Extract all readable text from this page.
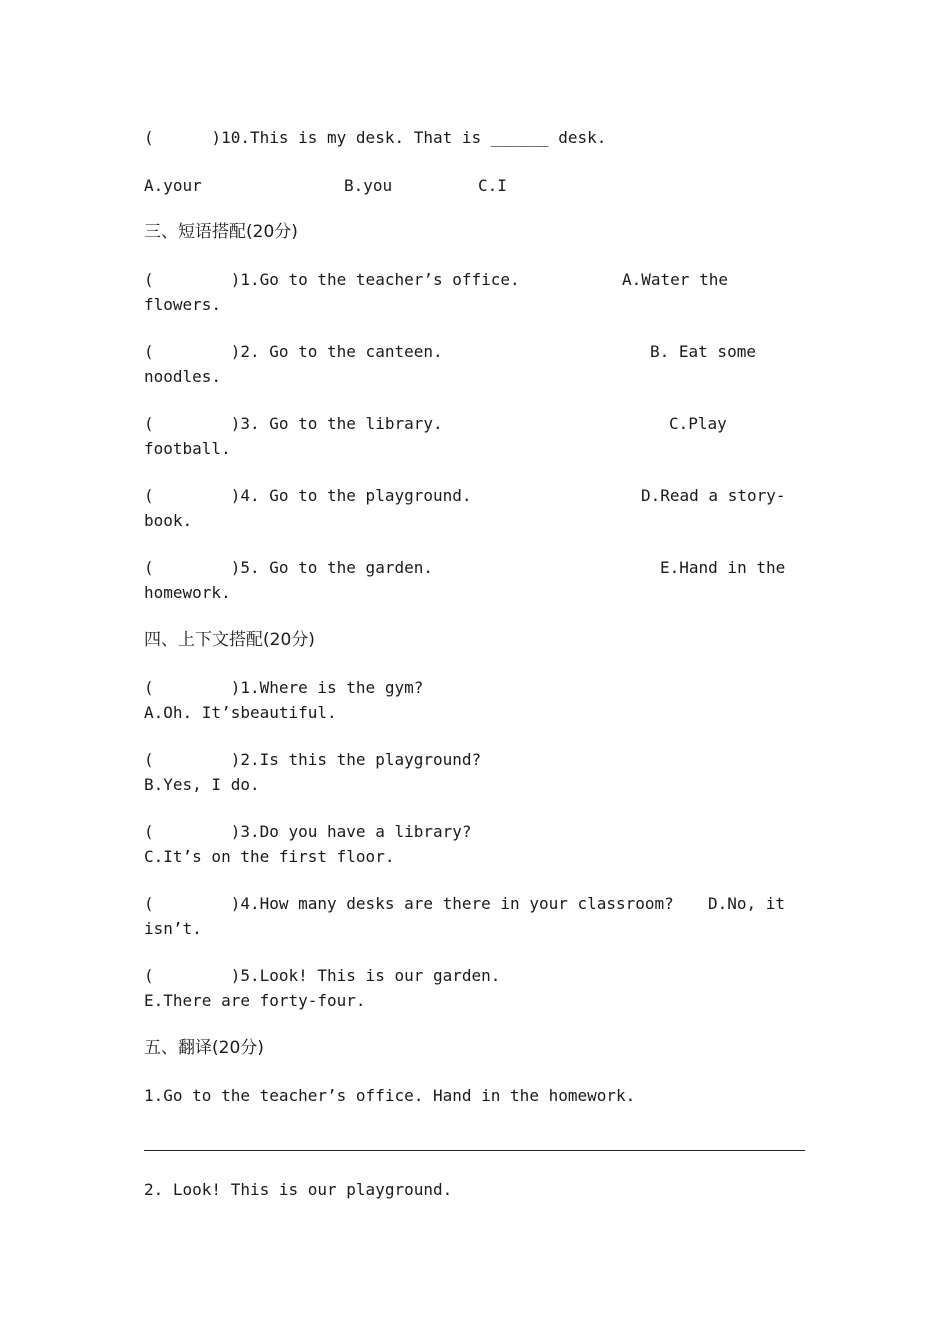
(      )10.This is my desk. That is ______ desk.
A.your	B.you	C.I
三、短语搭配(20分)
(        )1.Go to the teacher’s office.	A.Water the
flowers.
(        )2. Go to the canteen.	B. Eat some
noodles.
(        )3. Go to the library.	C.Play
football.
(        )4. Go to the playground.	D.Read a story-
book.
(        )5. Go to the garden.	E.Hand in the
homework.
四、上下文搭配(20分)
(        )1.Where is the gym?
A.Oh. It’sbeautiful.
(        )2.Is this the playground?
B.Yes, I do.
(        )3.Do you have a library?
C.It’s on the first floor.
(        )4.How many desks are there in your classroom? D.No, it
isn’t.
(        )5.Look! This is our garden.
E.There are forty-four.
五、翻译(20分)
1.Go to the teacher’s office. Hand in the homework.
2. Look! This is our playground.
